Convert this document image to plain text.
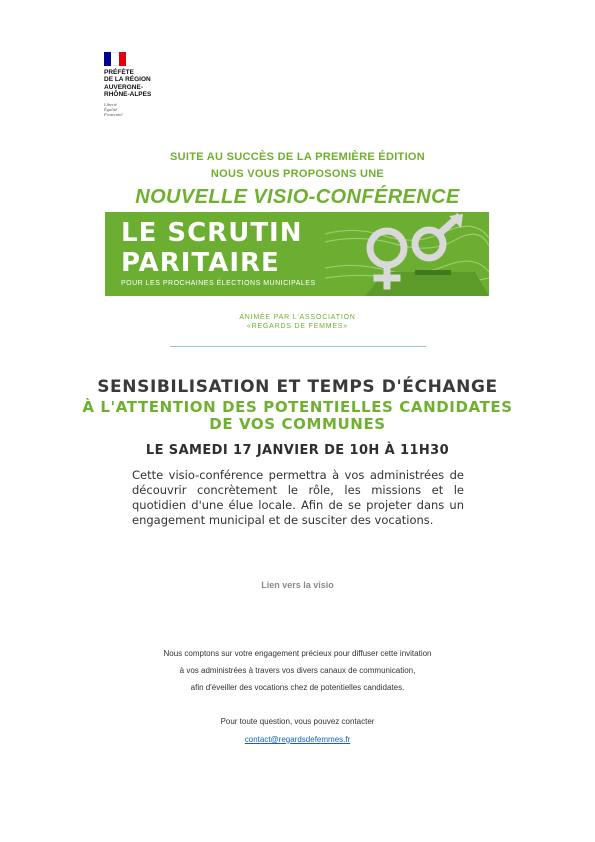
PRÉFÈTE
DE LA RÉGION
AUVERGNE-
RHÔNE-ALPES
Liberté
Égalité
Fraternité
SUITE AU SUCCÈS DE LA PREMIÈRE ÉDITION
NOUS VOUS PROPOSONS UNE
NOUVELLE VISIO-CONFÉRENCE
LE SCRUTIN
PARITAIRE
POUR LES PROCHAINES ÉLECTIONS MUNICIPALES
ANIMÉE PAR L'ASSOCIATION
«REGARDS DE FEMMES»
SENSIBILISATION ET TEMPS D'ÉCHANGE
À L'ATTENTION DES POTENTIELLES CANDIDATES
DE VOS COMMUNES
LE SAMEDI 17 JANVIER DE 10H À 11H30
Cette visio-conférence permettra à vos administrées de découvrir concrètement le rôle, les missions et le quotidien d'une élue locale. Afin de se projeter dans un engagement municipal et de susciter des vocations.
Lien vers la visio
Nous comptons sur votre engagement précieux pour diffuser cette invitation
à vos administrées à travers vos divers canaux de communication,
afin d'éveiller des vocations chez de potentielles candidates.
Pour toute question, vous pouvez contacter
contact@regardsdefemmes.fr
